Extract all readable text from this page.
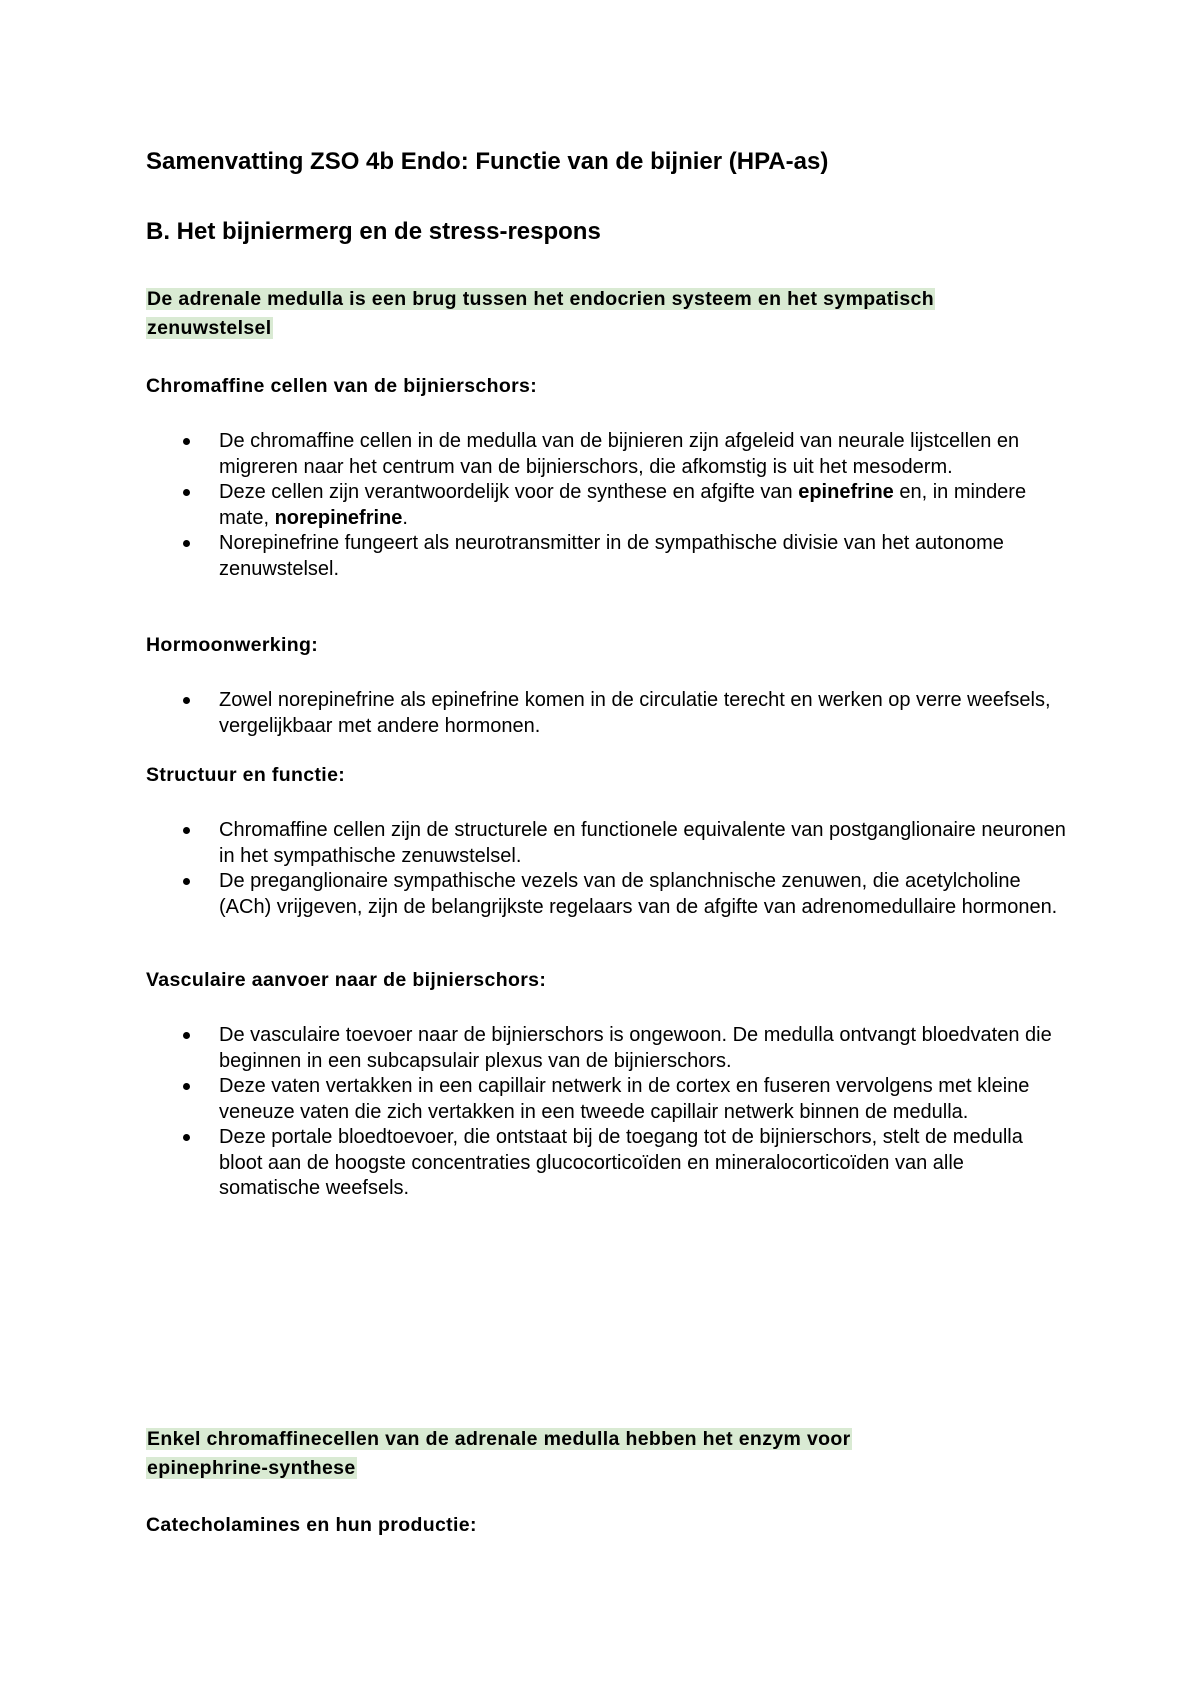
Samenvatting ZSO 4b Endo: Functie van de bijnier (HPA-as)
B. Het bijniermerg en de stress-respons

De adrenale medulla is een brug tussen het endocrien systeem en het sympatisch
zenuwstelsel

Chromaffine cellen van de bijnierschors:
De chromaffine cellen in de medulla van de bijnieren zijn afgeleid van neurale lijstcellen en migreren naar het centrum van de bijnierschors, die afkomstig is uit het mesoderm.
Deze cellen zijn verantwoordelijk voor de synthese en afgifte van epinefrine en, in mindere mate, norepinefrine.
Norepinefrine fungeert als neurotransmitter in de sympathische divisie van het autonome zenuwstelsel.
Hormoonwerking:
Zowel norepinefrine als epinefrine komen in de circulatie terecht en werken op verre weefsels, vergelijkbaar met andere hormonen.
Structuur en functie:
Chromaffine cellen zijn de structurele en functionele equivalente van postganglionaire neuronen in het sympathische zenuwstelsel.
De preganglionaire sympathische vezels van de splanchnische zenuwen, die acetylcholine (ACh) vrijgeven, zijn de belangrijkste regelaars van de afgifte van adrenomedullaire hormonen.
Vasculaire aanvoer naar de bijnierschors:
De vasculaire toevoer naar de bijnierschors is ongewoon. De medulla ontvangt bloedvaten die beginnen in een subcapsulair plexus van de bijnierschors.
Deze vaten vertakken in een capillair netwerk in de cortex en fuseren vervolgens met kleine veneuze vaten die zich vertakken in een tweede capillair netwerk binnen de medulla.
Deze portale bloedtoevoer, die ontstaat bij de toegang tot de bijnierschors, stelt de medulla bloot aan de hoogste concentraties glucocorticoïden en mineralocorticoïden van alle somatische weefsels.

Enkel chromaffinecellen van de adrenale medulla hebben het enzym voor
epinephrine-synthese

Catecholamines en hun productie:
